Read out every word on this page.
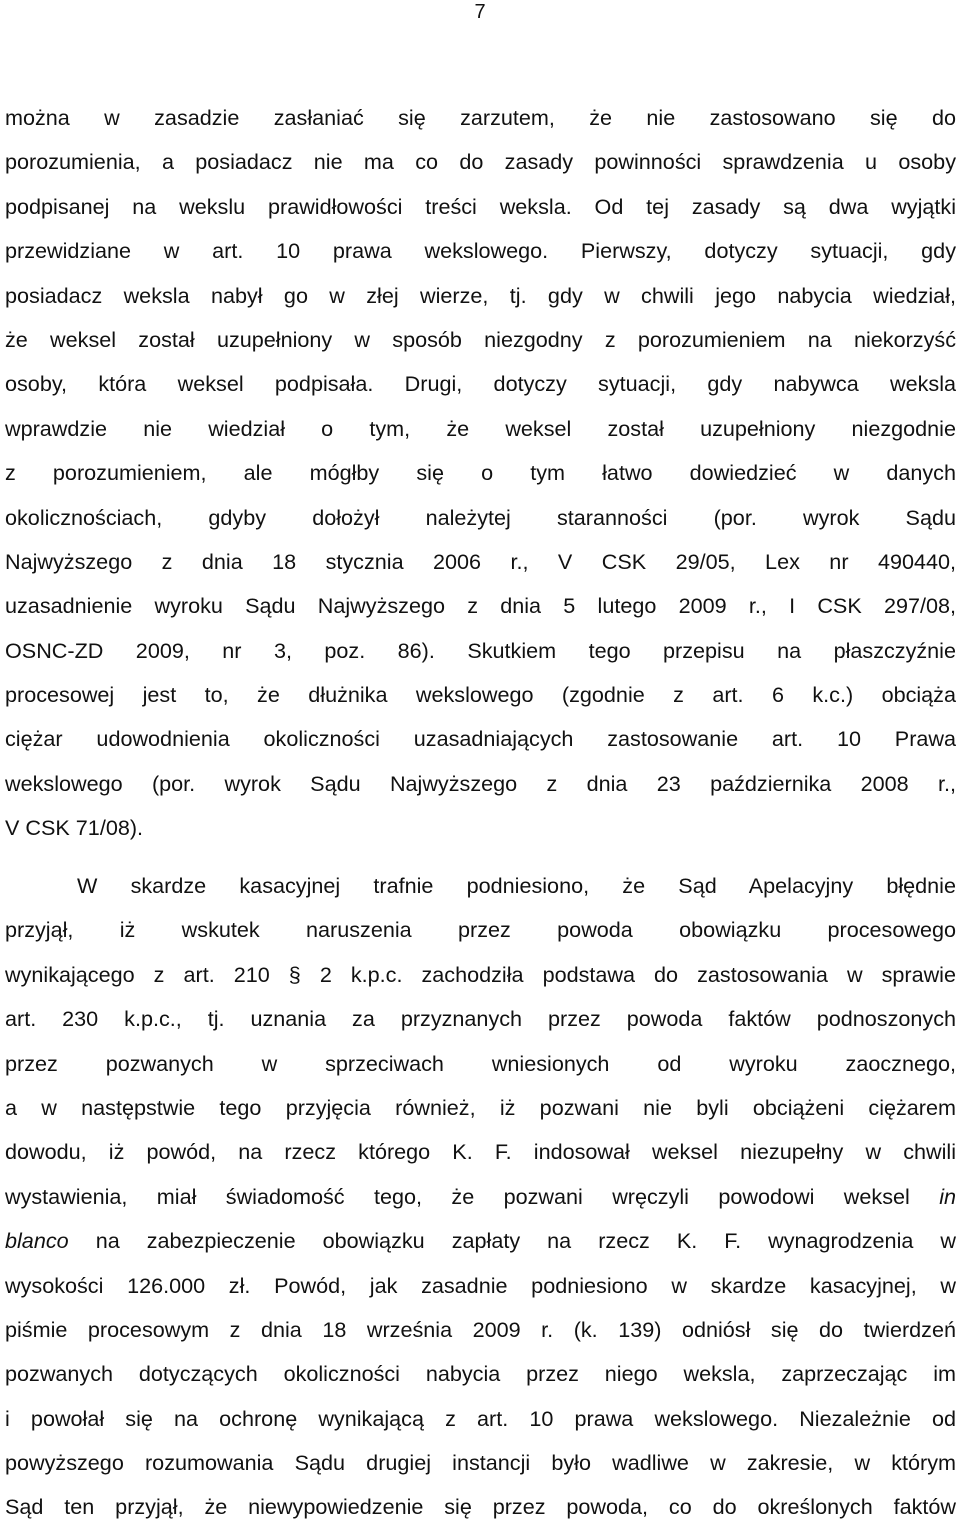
7
można w zasadzie zasłaniać się zarzutem, że nie zastosowano się do
porozumienia, a posiadacz nie ma co do zasady powinności sprawdzenia u osoby
podpisanej na wekslu prawidłowości treści weksla. Od tej zasady są dwa wyjątki
przewidziane w art. 10 prawa wekslowego. Pierwszy, dotyczy sytuacji, gdy
posiadacz weksla nabył go w złej wierze, tj. gdy w chwili jego nabycia wiedział,
że weksel został uzupełniony w sposób niezgodny z porozumieniem na niekorzyść
osoby, która weksel podpisała. Drugi, dotyczy sytuacji, gdy nabywca weksla
wprawdzie nie wiedział o tym, że weksel został uzupełniony niezgodnie
z porozumieniem, ale mógłby się o tym łatwo dowiedzieć w danych
okolicznościach, gdyby dołożył należytej staranności (por. wyrok Sądu
Najwyższego z dnia 18 stycznia 2006 r., V CSK 29/05, Lex nr 490440,
uzasadnienie wyroku Sądu Najwyższego z dnia 5 lutego 2009 r., I CSK 297/08,
OSNC-ZD 2009, nr 3, poz. 86). Skutkiem tego przepisu na płaszczyźnie
procesowej jest to, że dłużnika wekslowego (zgodnie z art. 6 k.c.) obciąża
ciężar udowodnienia okoliczności uzasadniających zastosowanie art. 10 Prawa
wekslowego (por. wyrok Sądu Najwyższego z dnia 23 października 2008 r.,
V CSK 71/08).
W skardze kasacyjnej trafnie podniesiono, że Sąd Apelacyjny błędnie
przyjął, iż wskutek naruszenia przez powoda obowiązku procesowego
wynikającego z art. 210 § 2 k.p.c. zachodziła podstawa do zastosowania w sprawie
art. 230 k.p.c., tj. uznania za przyznanych przez powoda faktów podnoszonych
przez pozwanych w sprzeciwach wniesionych od wyroku zaocznego,
a w następstwie tego przyjęcia również, iż pozwani nie byli obciążeni ciężarem
dowodu, iż powód, na rzecz którego K. F. indosował weksel niezupełny w chwili
wystawienia, miał świadomość tego, że pozwani wręczyli powodowi weksel in
blanco na zabezpieczenie obowiązku zapłaty na rzecz K. F. wynagrodzenia w
wysokości 126.000 zł. Powód, jak zasadnie podniesiono w skardze kasacyjnej, w
piśmie procesowym z dnia 18 września 2009 r. (k. 139) odniósł się do twierdzeń
pozwanych dotyczących okoliczności nabycia przez niego weksla, zaprzeczając im
i powołał się na ochronę wynikającą z art. 10 prawa wekslowego. Niezależnie od
powyższego rozumowania Sądu drugiej instancji było wadliwe w zakresie, w którym
Sąd ten przyjął, że niewypowiedzenie się przez powoda, co do określonych faktów
